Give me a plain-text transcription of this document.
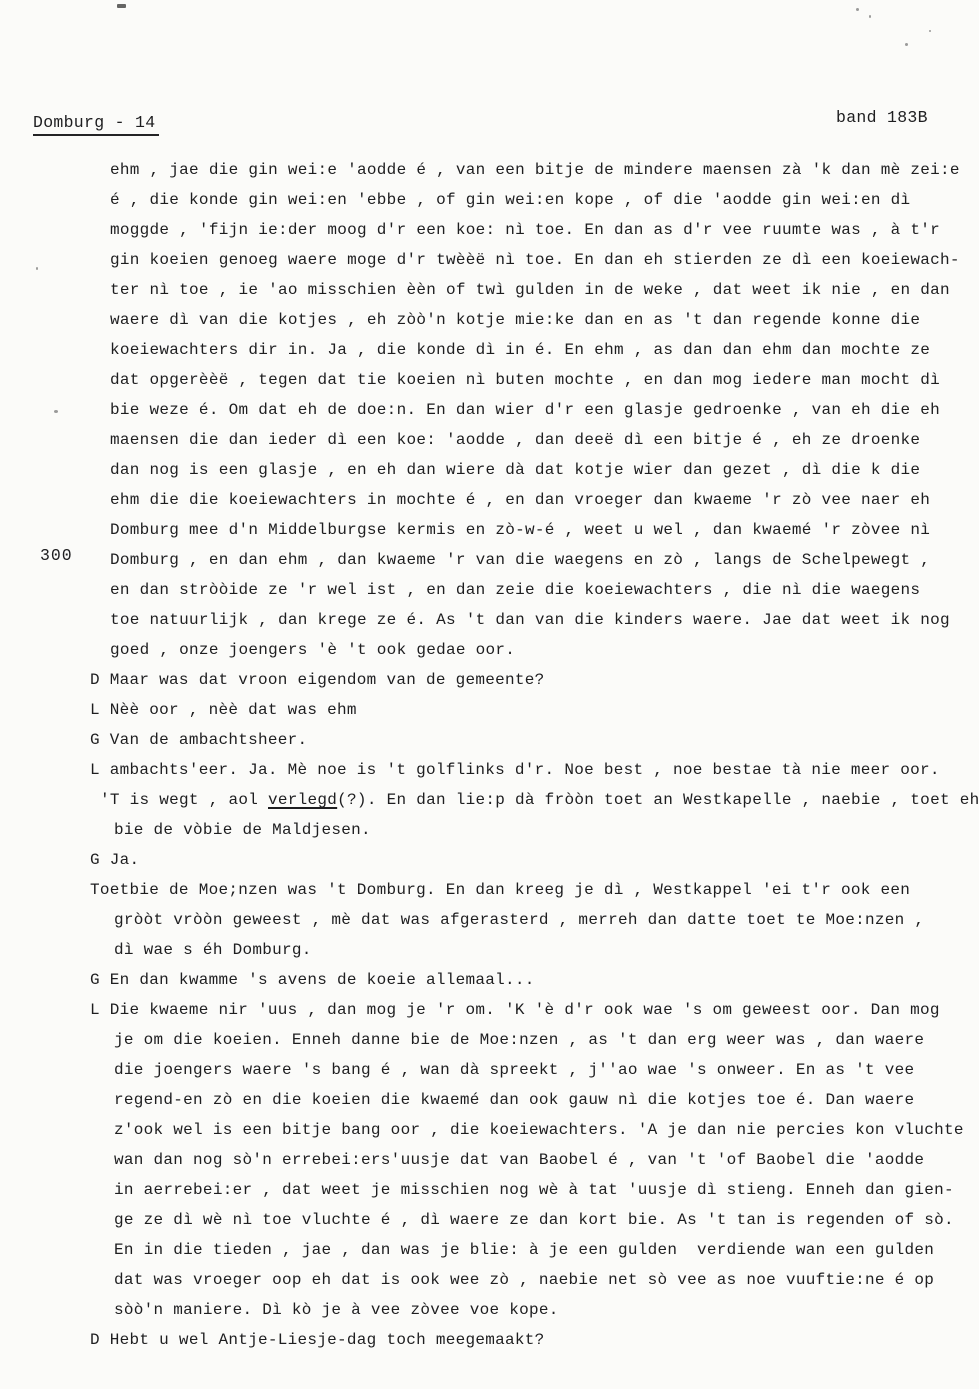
Domburg - 14	band 183B
300
ehm , jae die gin wei:e 'aodde é , van een bitje de mindere maensen zà 'k dan mè zei:e
é , die konde gin wei:en 'ebbe , of gin wei:en kope , of die 'aodde gin wei:en dì
moggde , 'fijn ie:der moog d'r een koe: nì toe. En dan as d'r vee ruumte was , à t'r
gin koeien genoeg waere moge d'r twèèë nì toe. En dan eh stierden ze dì een koeiewach-
ter nì toe , ie 'ao misschien èèn of twì gulden in de weke , dat weet ik nie , en dan
waere dì van die kotjes , eh zòò'n kotje mie:ke dan en as 't dan regende konne die
koeiewachters dir in. Ja , die konde dì in é. En ehm , as dan dan ehm dan mochte ze
dat opgerèèë , tegen dat tie koeien nì buten mochte , en dan mog iedere man mocht dì
bie weze é. Om dat eh de doe:n. En dan wier d'r een glasje gedroenke , van eh die eh
maensen die dan ieder dì een koe: 'aodde , dan deeë dì een bitje é , eh ze droenke
dan nog is een glasje , en eh dan wiere dà dat kotje wier dan gezet , dì die k die
ehm die die koeiewachters in mochte é , en dan vroeger dan kwaeme 'r zò vee naer eh
Domburg mee d'n Middelburgse kermis en zò-w-é , weet u wel , dan kwaemé 'r zòvee nì
Domburg , en dan ehm , dan kwaeme 'r van die waegens en zò , langs de Schelpewegt ,
en dan stròòide ze 'r wel ist , en dan zeie die koeiewachters , die nì die waegens
toe natuurlijk , dan krege ze é. As 't dan van die kinders waere. Jae dat weet ik nog
goed , onze joengers 'è 't ook gedae oor.
D Maar was dat vroon eigendom van de gemeente?
L Nèè oor , nèè dat was ehm
G Van de ambachtsheer.
L ambachts'eer. Ja. Mè noe is 't golflinks d'r. Noe best , noe bestae tà nie meer oor.
'T is wegt , aol verlegd(?). En dan lie:p dà fròòn toet an Westkapelle , naebie , toet eh
bie de vòbie de Maldjesen.
G Ja.
Toetbie de Moe;nzen was 't Domburg. En dan kreeg je dì , Westkappel 'ei t'r ook een
gròòt vròòn geweest , mè dat was afgerasterd , merreh dan datte toet te Moe:nzen ,
dì wae s éh Domburg.
G En dan kwamme 's avens de koeie allemaal...
L Die kwaeme nir 'uus , dan mog je 'r om. 'K 'è d'r ook wae 's om geweest oor. Dan mog
je om die koeien. Enneh danne bie de Moe:nzen , as 't dan erg weer was , dan waere
die joengers waere 's bang é , wan dà spreekt , j''ao wae 's onweer. En as 't vee
regend-en zò en die koeien die kwaemé dan ook gauw nì die kotjes toe é. Dan waere
z'ook wel is een bitje bang oor , die koeiewachters. 'A je dan nie percies kon vluchte
wan dan nog sò'n errebei:ers'uusje dat van Baobel é , van 't 'of Baobel die 'aodde
in aerrebei:er , dat weet je misschien nog wè à tat 'uusje dì stieng. Enneh dan gien-
ge ze dì wè nì toe vluchte é , dì waere ze dan kort bie. As 't tan is regenden of sò.
En in die tieden , jae , dan was je blie: à je een gulden  verdiende wan een gulden
dat was vroeger oop eh dat is ook wee zò , naebie net sò vee as noe vuuftie:ne é op
sòò'n maniere. Dì kò je à vee zòvee voe kope.
D Hebt u wel Antje-Liesje-dag toch meegemaakt?
